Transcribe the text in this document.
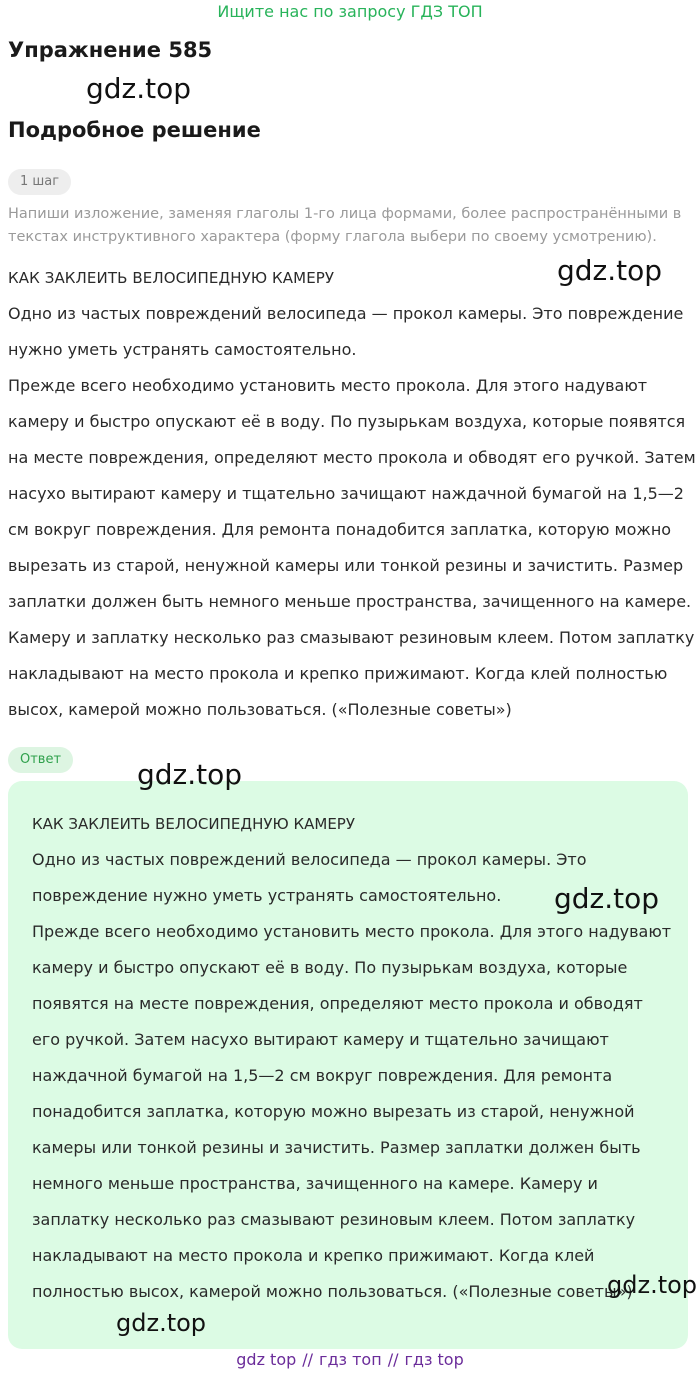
Ищите нас по запросу ГДЗ ТОП
Упражнение 585
gdz.top
Подробное решение
1 шаг
Напиши изложение, заменяя глаголы 1-го лица формами, более распространёнными в текстах инструктивного характера (форму глагола выбери по своему усмотрению).
gdz.top

КАК ЗАКЛЕИТЬ ВЕЛОСИПЕДНУЮ КАМЕРУ

Одно из частых повреждений велосипеда — прокол камеры. Это повреждение нужно уметь устранять самостоятельно.

Прежде всего необходимо установить место прокола. Для этого надувают камеру и быстро опускают её в воду. По пузырькам воздуха, которые появятся на месте повреждения, определяют место прокола и обводят его ручкой. Затем насухо вытирают камеру и тщательно зачищают наждачной бумагой на 1,5—2 см вокруг повреждения. Для ремонта понадобится заплатка, которую можно вырезать из старой, ненужной камеры или тонкой резины и зачистить. Размер заплатки должен быть немного меньше пространства, зачищенного на камере. Камеру и заплатку несколько раз смазывают резиновым клеем. Потом заплатку накладывают на место прокола и крепко прижимают. Когда клей полностью высох, камерой можно пользоваться. («Полезные советы»)

Ответ	gdz.top

КАК ЗАКЛЕИТЬ ВЕЛОСИПЕДНУЮ КАМЕРУ

Одно из частых повреждений велосипеда — прокол камеры. Это повреждение нужно уметь устранять самостоятельно.

Прежде всего необходимо установить место прокола. Для этого надувают камеру и быстро опускают её в воду. По пузырькам воздуха, которые появятся на месте повреждения, определяют место прокола и обводят его ручкой. Затем насухо вытирают камеру и тщательно зачищают наждачной бумагой на 1,5—2 см вокруг повреждения. Для ремонта понадобится заплатка, которую можно вырезать из старой, ненужной камеры или тонкой резины и зачистить. Размер заплатки должен быть немного меньше пространства, зачищенного на камере. Камеру и заплатку несколько раз смазывают резиновым клеем. Потом заплатку накладывают на место прокола и крепко прижимают. Когда клей полностью высох, камерой можно пользоваться. («Полезные советы»)

gdz.top
gdz.top
gdz.top
gdz top // гдз топ // гдз top
